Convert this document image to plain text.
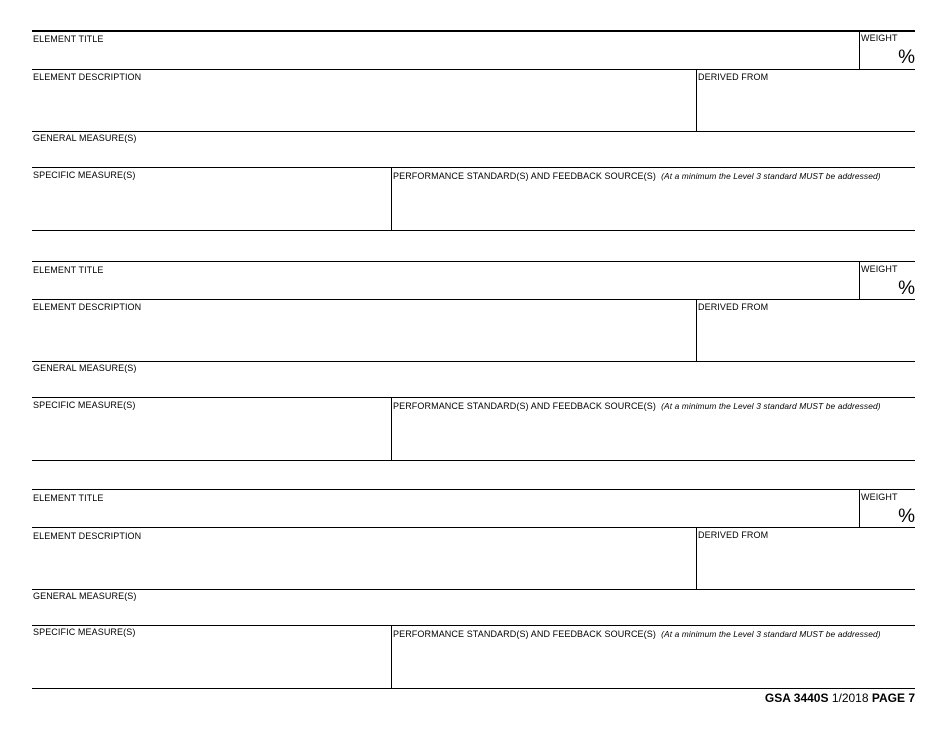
ELEMENT TITLE	WEIGHT
%
ELEMENT DESCRIPTION	DERIVED FROM
GENERAL MEASURE(S)
SPECIFIC MEASURE(S)	PERFORMANCE STANDARD(S) AND FEEDBACK SOURCE(S) (At a minimum the Level 3 standard MUST be addressed)
ELEMENT TITLE	WEIGHT
%
ELEMENT DESCRIPTION	DERIVED FROM
GENERAL MEASURE(S)
SPECIFIC MEASURE(S)	PERFORMANCE STANDARD(S) AND FEEDBACK SOURCE(S) (At a minimum the Level 3 standard MUST be addressed)
ELEMENT TITLE	WEIGHT
%
ELEMENT DESCRIPTION	DERIVED FROM
GENERAL MEASURE(S)
SPECIFIC MEASURE(S)	PERFORMANCE STANDARD(S) AND FEEDBACK SOURCE(S) (At a minimum the Level 3 standard MUST be addressed)
GSA 3440S 1/2018 PAGE 7
